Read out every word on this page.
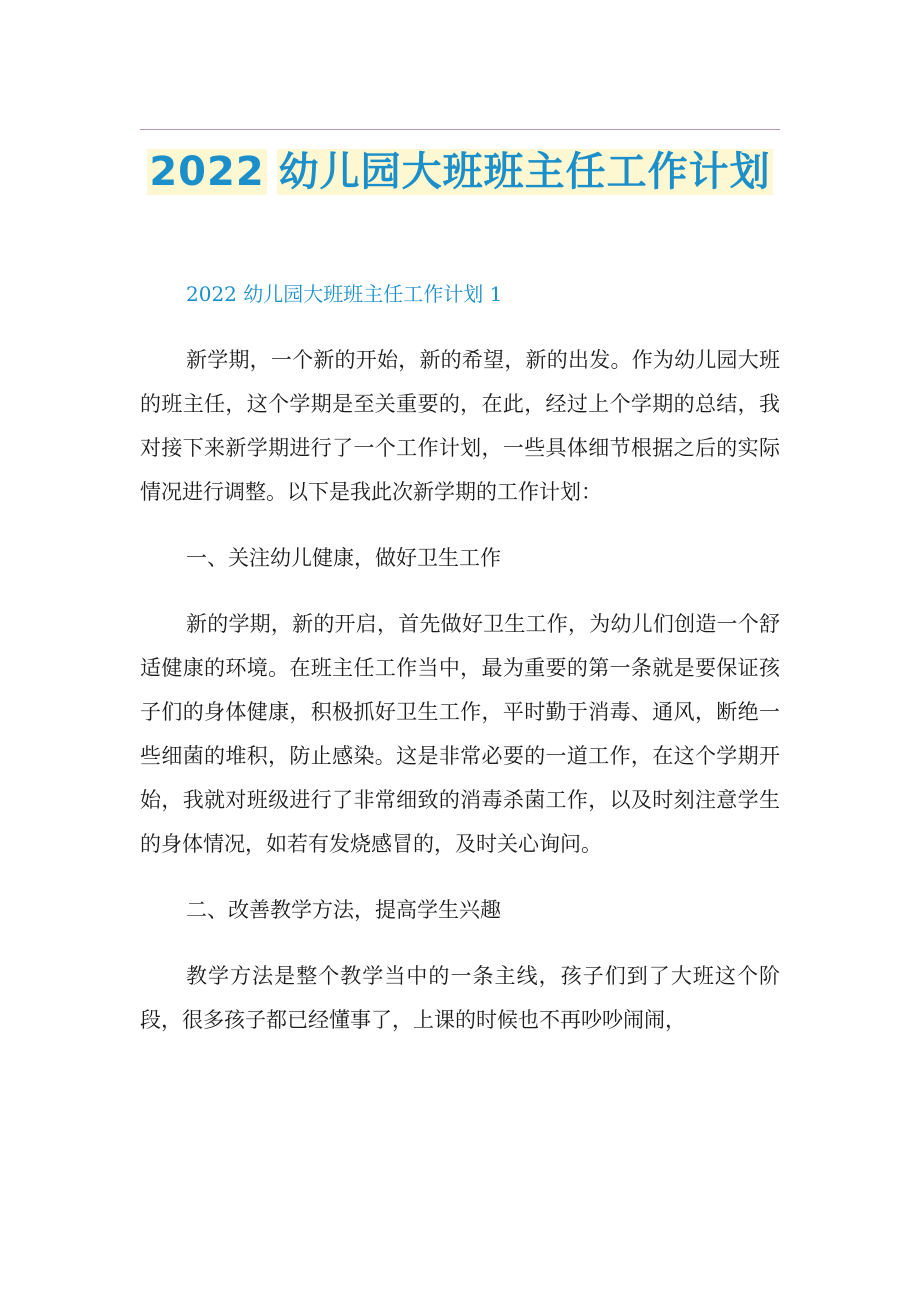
2022 幼儿园大班班主任工作计划
2022 幼儿园大班班主任工作计划 1

新学期，一个新的开始，新的希望，新的出发。作为幼儿园大班的班主任，这个学期是至关重要的，在此，经过上个学期的总结，我对接下来新学期进行了一个工作计划，一些具体细节根据之后的实际情况进行调整。以下是我此次新学期的工作计划：

一、关注幼儿健康，做好卫生工作

新的学期，新的开启，首先做好卫生工作，为幼儿们创造一个舒适健康的环境。在班主任工作当中，最为重要的第一条就是要保证孩子们的身体健康，积极抓好卫生工作，平时勤于消毒、通风，断绝一些细菌的堆积，防止感染。这是非常必要的一道工作，在这个学期开始，我就对班级进行了非常细致的消毒杀菌工作，以及时刻注意学生的身体情况，如若有发烧感冒的，及时关心询问。

二、改善教学方法，提高学生兴趣

教学方法是整个教学当中的一条主线，孩子们到了大班这个阶段，很多孩子都已经懂事了，上课的时候也不再吵吵闹闹，
